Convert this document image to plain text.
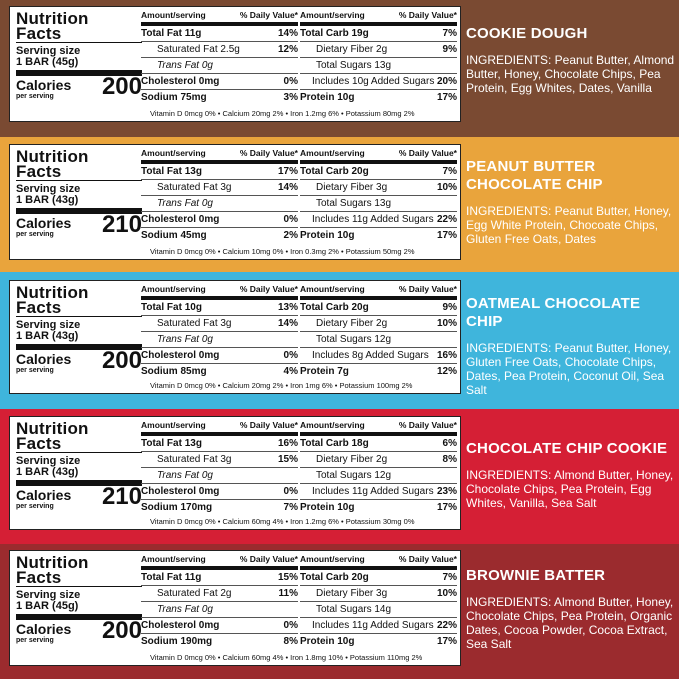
Nutrition
Facts
Serving size
1 BAR (45g)
Calories
per serving 200
Amount/serving	% Daily Value*
Total Fat 11g	14%
Saturated Fat 2.5g	12%
Trans Fat 0g
Cholesterol 0mg	0%
Sodium 75mg	3%
Amount/serving	% Daily Value*
Total Carb 19g	7%
Dietary Fiber 2g	9%
Total Sugars 13g
Includes 10g Added Sugars 20%
Protein 10g	17%
Vitamin D 0mcg 0% • Calcium 20mg 2% • Iron 1.2mg 6% • Potassium 80mg 2%
COOKIE DOUGH
INGREDIENTS: Peanut Butter, Almond Butter, Honey, Chocolate Chips, Pea Protein, Egg Whites, Dates, Vanilla
Nutrition
Facts
Serving size
1 BAR (43g)
Calories
per serving 210
Amount/serving	% Daily Value*
Total Fat 13g	17%
Saturated Fat 3g	14%
Trans Fat 0g
Cholesterol 0mg	0%
Sodium 45mg	2%
Amount/serving	% Daily Value*
Total Carb 20g	7%
Dietary Fiber 3g	10%
Total Sugars 13g
Includes 11g Added Sugars 22%
Protein 10g	17%
Vitamin D 0mcg 0% • Calcium 10mg 0% • Iron 0.3mg 2% • Potassium 50mg 2%
PEANUT BUTTER CHOCOLATE CHIP
INGREDIENTS: Peanut Butter, Honey, Egg White Protein, Chocoate Chips, Gluten Free Oats, Dates
Nutrition
Facts
Serving size
1 BAR (43g)
Calories
per serving 200
Amount/serving	% Daily Value*
Total Fat 10g	13%
Saturated Fat 3g	14%
Trans Fat 0g
Cholesterol 0mg	0%
Sodium 85mg	4%
Amount/serving	% Daily Value*
Total Carb 20g	9%
Dietary Fiber 2g	10%
Total Sugars 12g
Includes 8g Added Sugars 16%
Protein 7g	12%
Vitamin D 0mcg 0% • Calcium 20mg 2% • Iron 1mg 6% • Potassium 100mg 2%
OATMEAL CHOCOLATE CHIP
INGREDIENTS: Peanut Butter, Honey, Gluten Free Oats, Chocolate Chips, Dates, Pea Protein, Coconut Oil, Sea Salt
Nutrition
Facts
Serving size
1 BAR (43g)
Calories
per serving 210
Amount/serving	% Daily Value*
Total Fat 13g	16%
Saturated Fat 3g	15%
Trans Fat 0g
Cholesterol 0mg	0%
Sodium 170mg	7%
Amount/serving	% Daily Value*
Total Carb 18g	6%
Dietary Fiber 2g	8%
Total Sugars 12g
Includes 11g Added Sugars 23%
Protein 10g	17%
Vitamin D 0mcg 0% • Calcium 60mg 4% • Iron 1.2mg 6% • Potassium 30mg 0%
CHOCOLATE CHIP COOKIE
INGREDIENTS: Almond Butter, Honey, Chocolate Chips, Pea Protein, Egg Whites, Vanilla, Sea Salt
Nutrition
Facts
Serving size
1 BAR (45g)
Calories
per serving 200
Amount/serving	% Daily Value*
Total Fat 11g	15%
Saturated Fat 2g	11%
Trans Fat 0g
Cholesterol 0mg	0%
Sodium 190mg	8%
Amount/serving	% Daily Value*
Total Carb 20g	7%
Dietary Fiber 3g	10%
Total Sugars 14g
Includes 11g Added Sugars 22%
Protein 10g	17%
Vitamin D 0mcg 0% • Calcium 60mg 4% • Iron 1.8mg 10% • Potassium 110mg 2%
BROWNIE BATTER
INGREDIENTS: Almond Butter, Honey, Chocolate Chips, Pea Protein, Organic Dates, Cocoa Powder, Cocoa Extract, Sea Salt
